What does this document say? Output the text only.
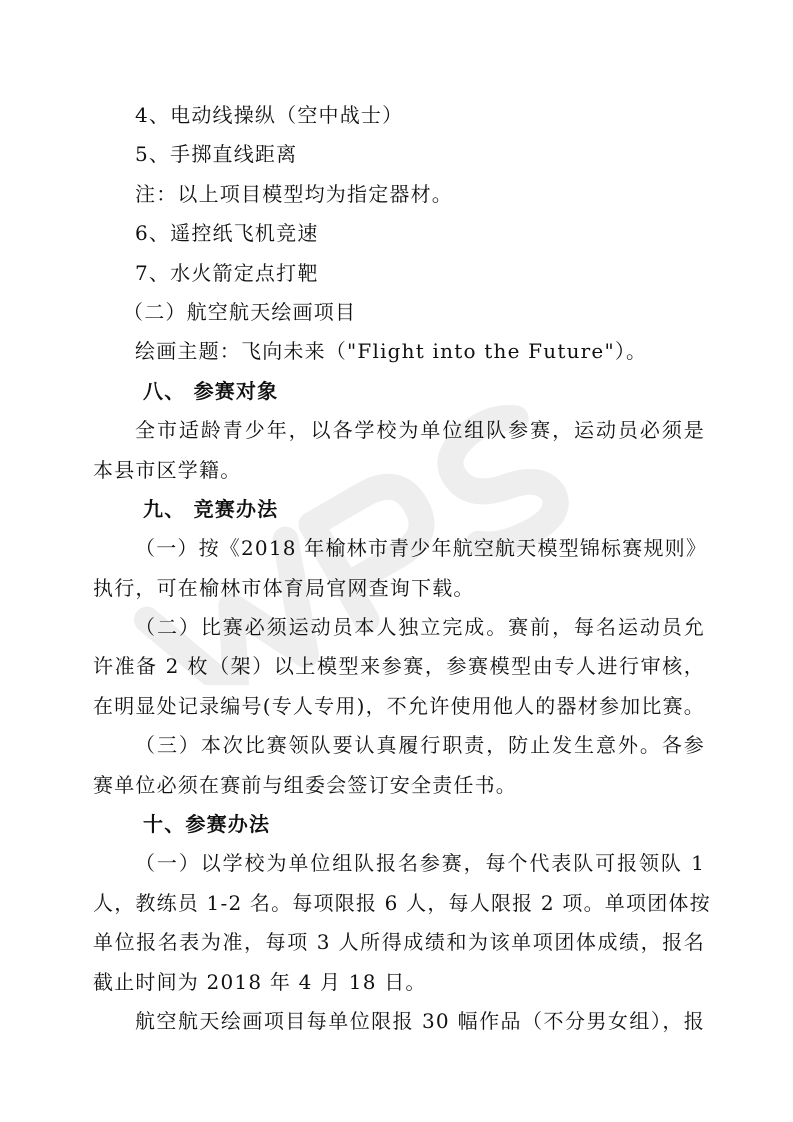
4、电动线操纵（空中战士）
5、手掷直线距离
注：以上项目模型均为指定器材。
6、遥控纸飞机竞速
7、水火箭定点打靶
（二）航空航天绘画项目
绘画主题：飞向未来（"Flight into the Future"）。
八、 参赛对象
全市适龄青少年，以各学校为单位组队参赛，运动员必须是
本县市区学籍。
九、 竞赛办法
（一）按《2018 年榆林市青少年航空航天模型锦标赛规则》
执行，可在榆林市体育局官网查询下载。
（二）比赛必须运动员本人独立完成。赛前，每名运动员允
许准备 2 枚（架）以上模型来参赛，参赛模型由专人进行审核，
在明显处记录编号(专人专用)，不允许使用他人的器材参加比赛。
（三）本次比赛领队要认真履行职责，防止发生意外。各参
赛单位必须在赛前与组委会签订安全责任书。
十、参赛办法
（一）以学校为单位组队报名参赛，每个代表队可报领队 1
人，教练员 1-2 名。每项限报 6 人，每人限报 2 项。单项团体按
单位报名表为准，每项 3 人所得成绩和为该单项团体成绩，报名
截止时间为 2018 年 4 月 18 日。
航空航天绘画项目每单位限报 30 幅作品（不分男女组），报
